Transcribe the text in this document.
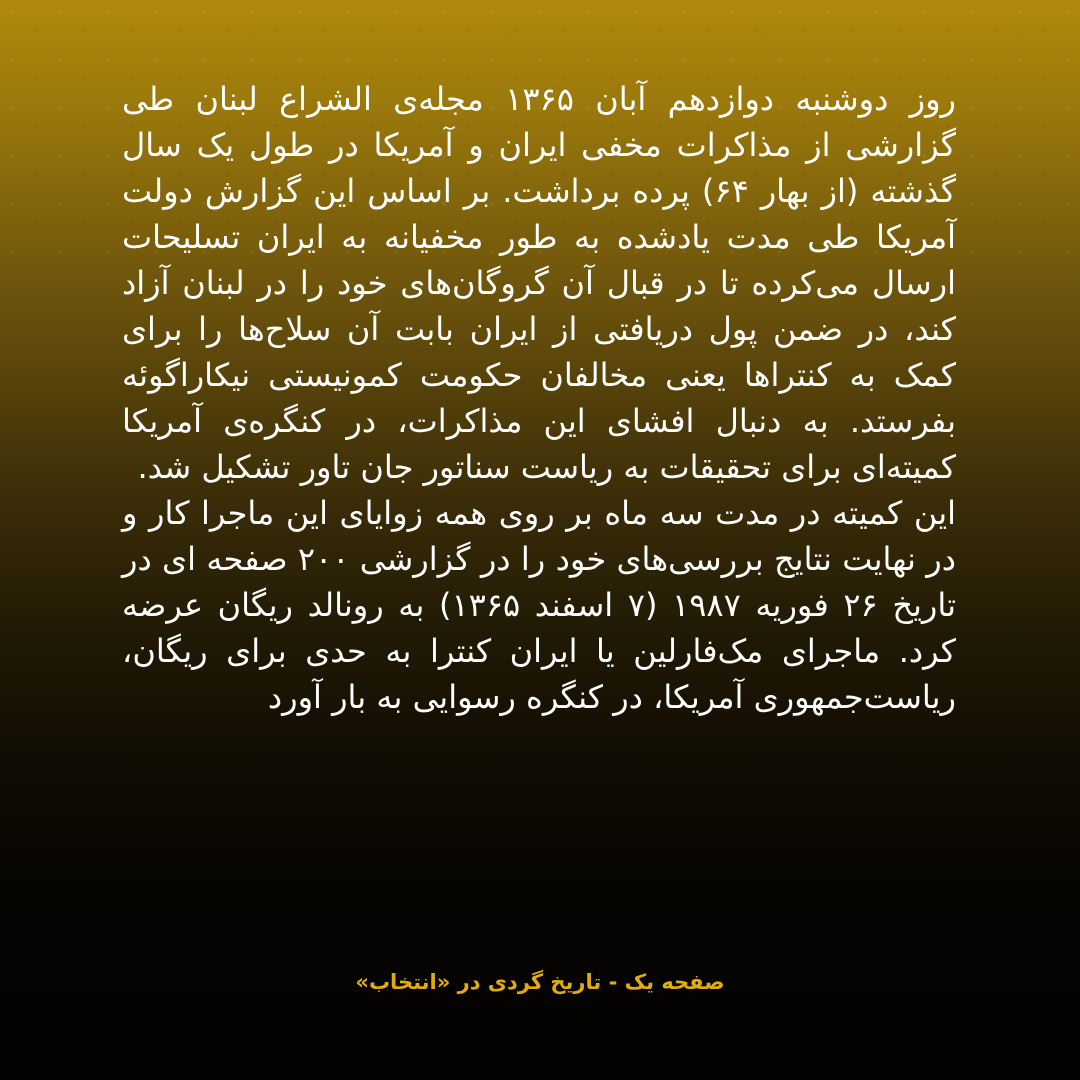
روز دوشنبه دوازدهم آبان ۱۳۶۵ مجله‌ی الشراع لبنان طی گزارشی از مذاکرات مخفی ایران و آمریکا در طول یک سال گذشته (از بهار ۶۴) پرده برداشت. بر اساس این گزارش دولت آمریکا طی مدت یادشده به طور مخفیانه به ایران تسلیحات ارسال می‌کرده تا در قبال آن گروگان‌های خود را در لبنان آزاد کند، در ضمن پول دریافتی از ایران بابت آن سلاح‌ها را برای کمک به کنتراها یعنی مخالفان حکومت کمونیستی نیکاراگوئه بفرستد. به دنبال افشای این مذاکرات، در کنگره‌ی آمریکا کمیته‌ای برای تحقیقات به ریاست سناتور جان تاور تشکیل شد.

این کمیته در مدت سه ماه بر روی همه زوایای این ماجرا کار و در نهایت نتایج بررسی‌های خود را در گزارشی ۲۰۰ صفحه ای در تاریخ ۲۶ فوریه ۱۹۸۷ (۷ اسفند ۱۳۶۵) به رونالد ریگان عرضه کرد. ماجرای مک‌فارلین یا ایران کنترا به حدی برای ریگان، ریاست‌جمهوری آمریکا، در کنگره رسوایی به بار آورد

صفحه یک - تاریخ گردی در «انتخاب»
